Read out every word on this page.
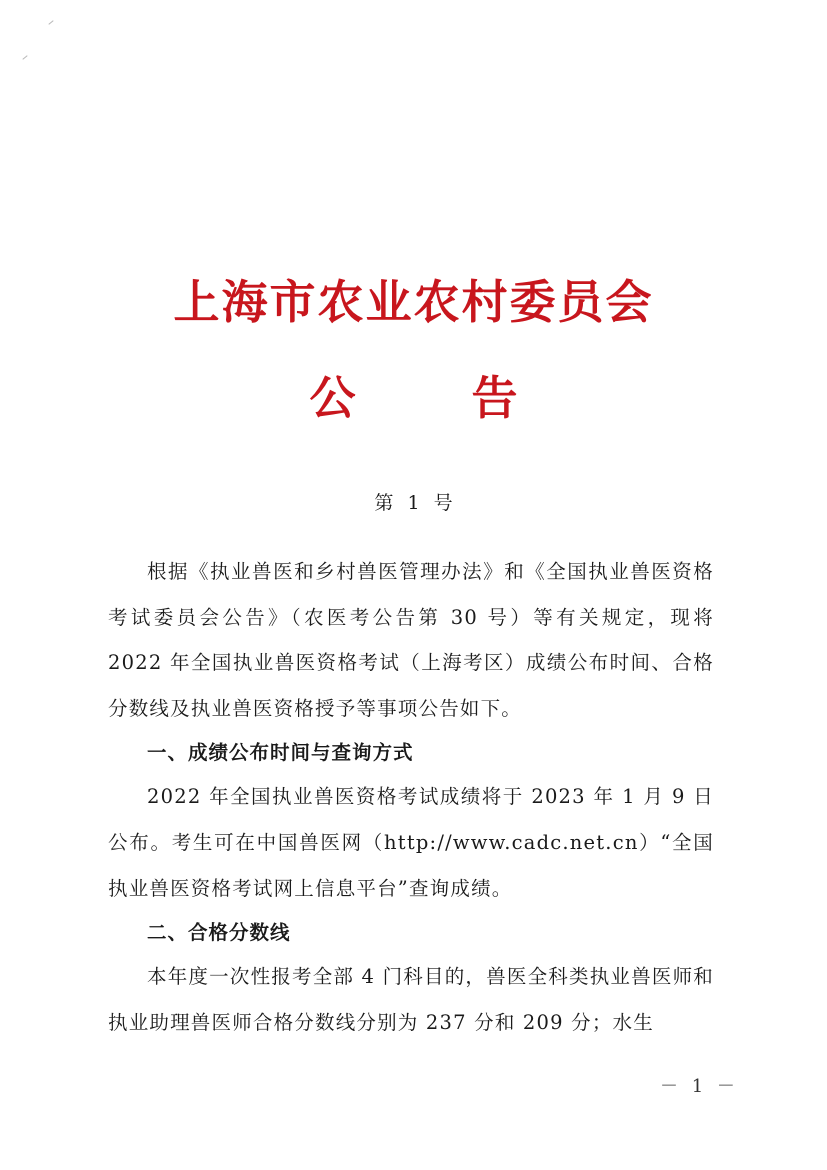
上海市农业农村委员会
公 告
第 1 号

根据《执业兽医和乡村兽医管理办法》和《全国执业兽医资格考试委员会公告》（农医考公告第 30 号）等有关规定，现将 2022 年全国执业兽医资格考试（上海考区）成绩公布时间、合格分数线及执业兽医资格授予等事项公告如下。

一、成绩公布时间与查询方式

2022 年全国执业兽医资格考试成绩将于 2023 年 1 月 9 日公布。考生可在中国兽医网（http://www.cadc.net.cn）“全国执业兽医资格考试网上信息平台”查询成绩。

二、合格分数线

本年度一次性报考全部 4 门科目的，兽医全科类执业兽医师和执业助理兽医师合格分数线分别为 237 分和 209 分；水生

－ 1 －
